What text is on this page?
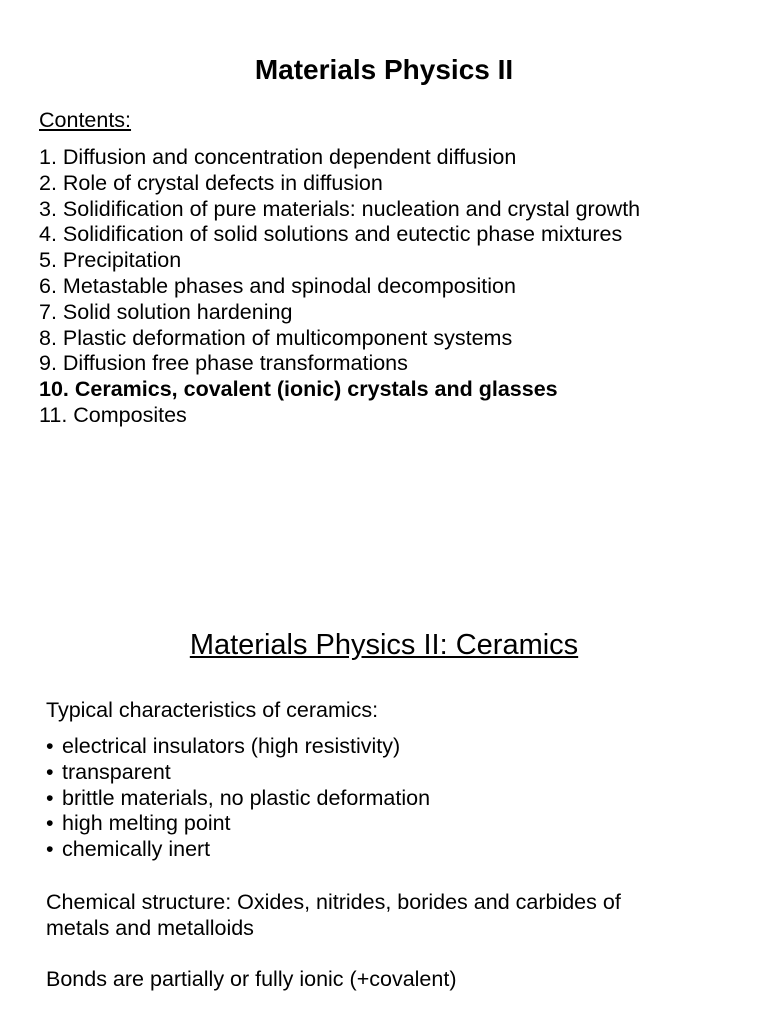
Materials Physics II
Contents:
1. Diffusion and concentration dependent diffusion
2. Role of crystal defects in diffusion
3. Solidification of pure materials: nucleation and crystal growth
4. Solidification of solid solutions and eutectic phase mixtures
5. Precipitation
6. Metastable phases and spinodal decomposition
7. Solid solution hardening
8. Plastic deformation of multicomponent systems
9. Diffusion free phase transformations
10. Ceramics, covalent (ionic) crystals and glasses
11. Composites
Materials Physics II: Ceramics
Typical characteristics of ceramics:
• electrical insulators (high resistivity)
• transparent
• brittle materials, no plastic deformation
• high melting point
• chemically inert
Chemical structure: Oxides, nitrides, borides and carbides of
metals and metalloids
Bonds are partially or fully ionic (+covalent)
